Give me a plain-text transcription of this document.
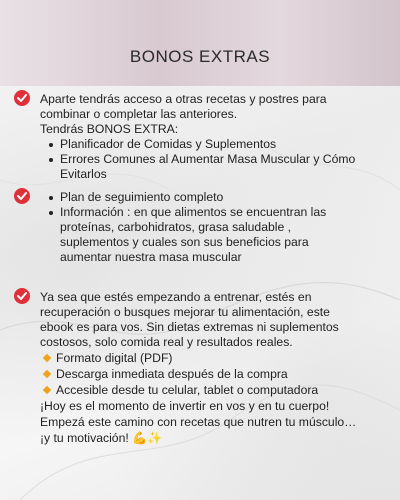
BONOS EXTRAS
Aparte tendrás acceso a otras recetas y postres para
combinar o completar las anteriores.
Tendrás BONOS EXTRA:
Planificador de Comidas y Suplementos
Errores Comunes al Aumentar Masa Muscular y Cómo
Evitarlos
Plan de seguimiento completo
Información : en que alimentos se encuentran las
proteínas, carbohidratos, grasa saludable ,
suplementos y cuales son sus beneficios para
aumentar nuestra masa muscular
Ya sea que estés empezando a entrenar, estés en
recuperación o busques mejorar tu alimentación, este
ebook es para vos. Sin dietas extremas ni suplementos
costosos, solo comida real y resultados reales.
Formato digital (PDF)
Descarga inmediata después de la compra
Accesible desde tu celular, tablet o computadora
¡Hoy es el momento de invertir en vos y en tu cuerpo!
Empezá este camino con recetas que nutren tu músculo…
¡y tu motivación! 💪✨
